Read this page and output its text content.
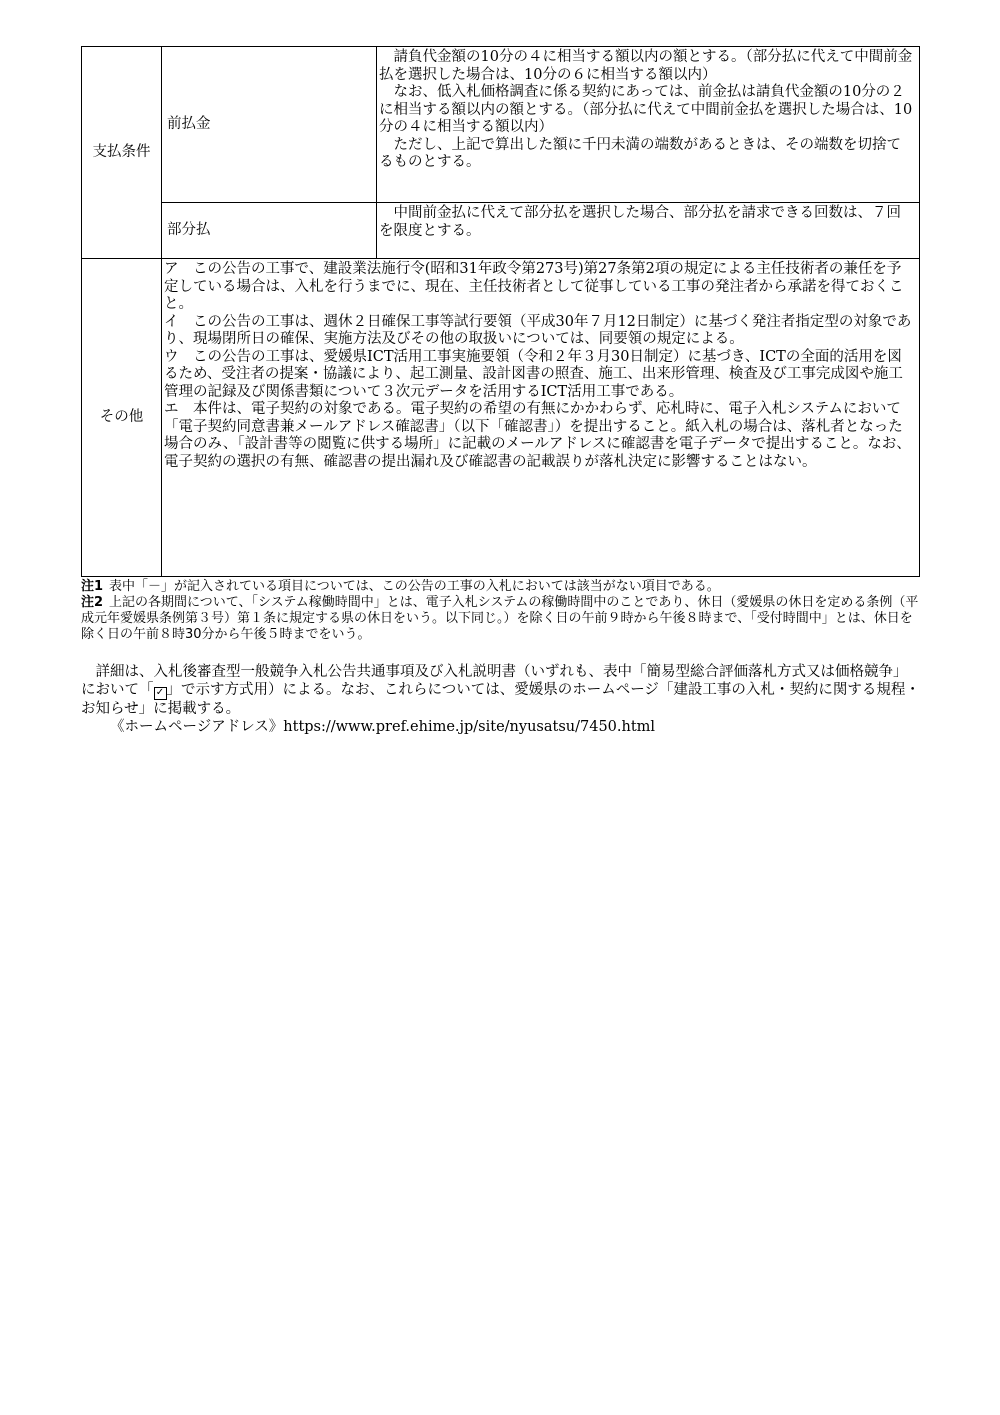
支払条件	前払金	　請負代金額の10分の４に相当する額以内の額とする。（部分払に代えて中間前金払を選択した場合は、10分の６に相当する額以内）

　なお、低入札価格調査に係る契約にあっては、前金払は請負代金額の10分の２に相当する額以内の額とする。（部分払に代えて中間前金払を選択した場合は、10分の４に相当する額以内）

　ただし、上記で算出した額に千円未満の端数があるときは、その端数を切捨てるものとする。

	部分払	　中間前金払に代えて部分払を選択した場合、部分払を請求できる回数は、７回を限度とする。

その他	ア　この公告の工事で、建設業法施行令(昭和31年政令第273号)第27条第2項の規定による主任技術者の兼任を予定している場合は、入札を行うまでに、現在、主任技術者として従事している工事の発注者から承諾を得ておくこと。

イ　この公告の工事は、週休２日確保工事等試行要領（平成30年７月12日制定）に基づく発注者指定型の対象であり、現場閉所日の確保、実施方法及びその他の取扱いについては、同要領の規定による。

ウ　この公告の工事は、愛媛県ICT活用工事実施要領（令和２年３月30日制定）に基づき、ICTの全面的活用を図るため、受注者の提案・協議により、起工測量、設計図書の照査、施工、出来形管理、検査及び工事完成図や施工管理の記録及び関係書類について３次元データを活用するICT活用工事である。

エ　本件は、電子契約の対象である。電子契約の希望の有無にかかわらず、応札時に、電子入札システムにおいて「電子契約同意書兼メールアドレス確認書」（以下「確認書」）を提出すること。紙入札の場合は、落札者となった場合のみ、「設計書等の閲覧に供する場所」に記載のメールアドレスに確認書を電子データで提出すること。なお、電子契約の選択の有無、確認書の提出漏れ及び確認書の記載誤りが落札決定に影響することはない。	

注1 表中「－」が記入されている項目については、この公告の工事の入札においては該当がない項目である。

注2 上記の各期間について、「システム稼働時間中」とは、電子入札システムの稼働時間中のことであり、休日（愛媛県の休日を定める条例（平成元年愛媛県条例第３号）第１条に規定する県の休日をいう。以下同じ。）を除く日の午前９時から午後８時まで、「受付時間中」とは、休日を除く日の午前８時30分から午後５時までをいう。

　詳細は、入札後審査型一般競争入札公告共通事項及び入札説明書（いずれも、表中「簡易型総合評価落札方式又は価格競争」において「 ✓ 」で示す方式用）による。なお、これらについては、愛媛県のホームページ「建設工事の入札・契約に関する規程・お知らせ」に掲載する。

《ホームページアドレス》https://www.pref.ehime.jp/site/nyusatsu/7450.html
